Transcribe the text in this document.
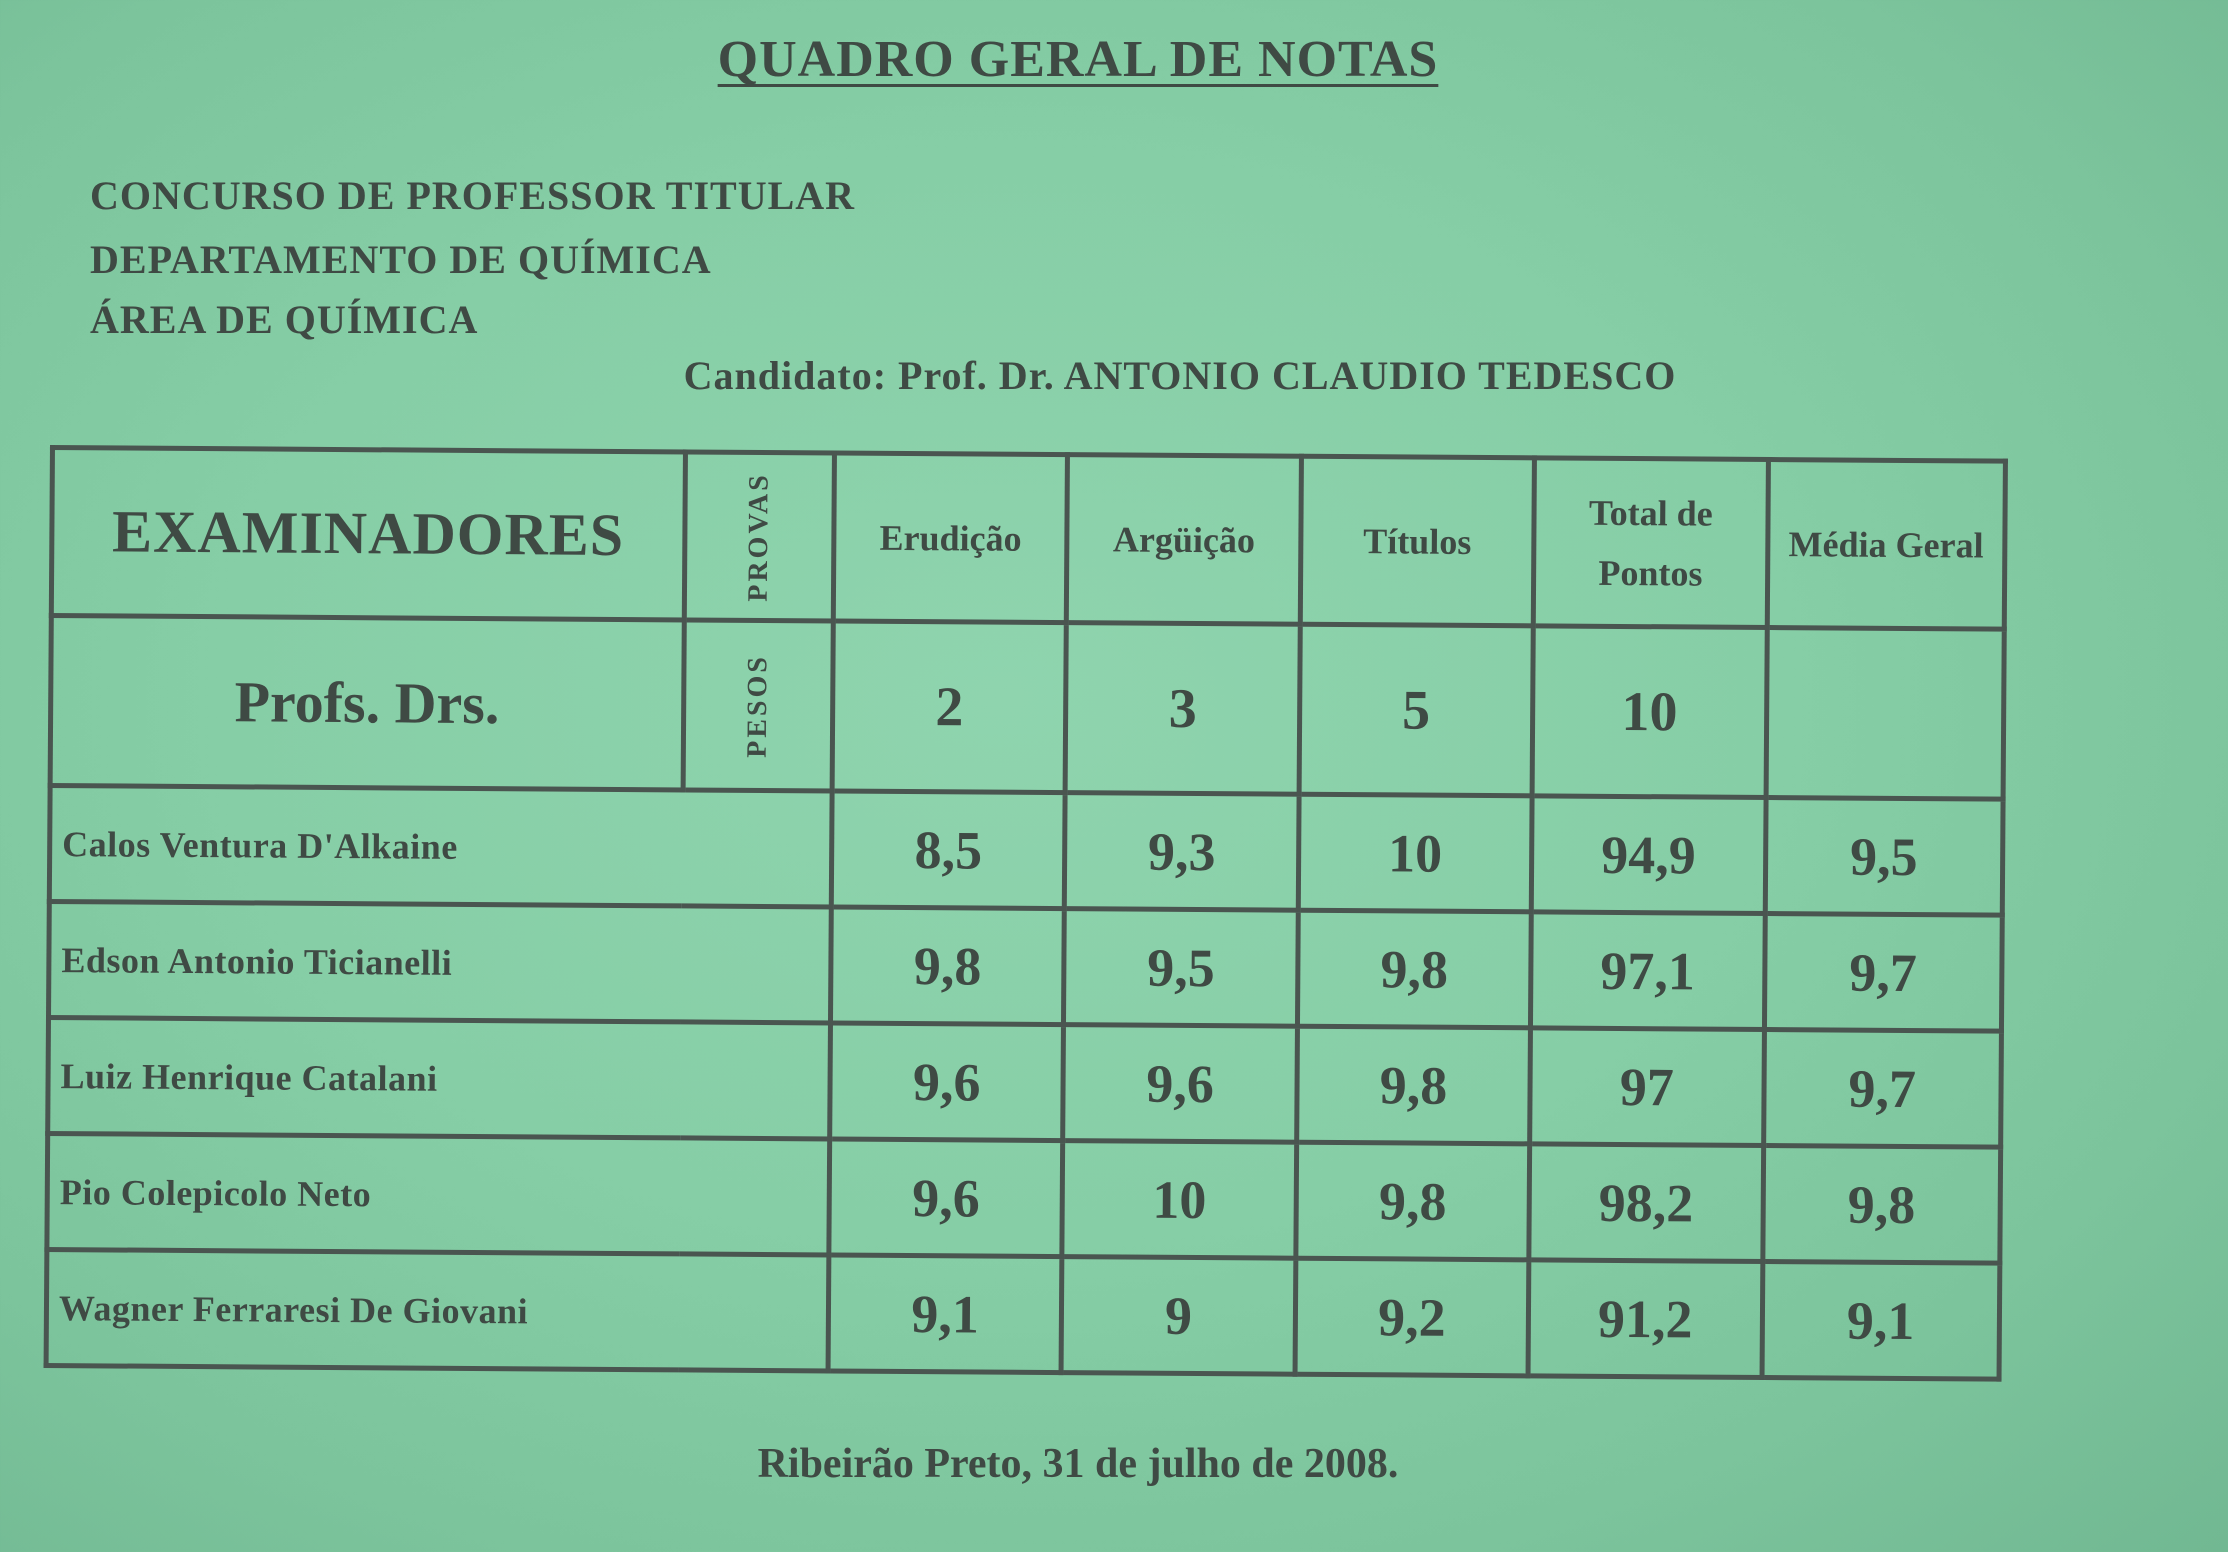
QUADRO GERAL DE NOTAS
CONCURSO DE PROFESSOR TITULAR
DEPARTAMENTO DE QUÍMICA
ÁREA DE QUÍMICA
Candidato: Prof. Dr. ANTONIO CLAUDIO TEDESCO
EXAMINADORES	PROVAS	Erudição	Argüição	Títulos	Total de Pontos	Média Geral
Profs. Drs.	PESOS	2	3	5	10	
Calos Ventura D'Alkaine		8,5	9,3	10	94,9	9,5
Edson Antonio Ticianelli		9,8	9,5	9,8	97,1	9,7
Luiz Henrique Catalani		9,6	9,6	9,8	97	9,7
Pio Colepicolo Neto		9,6	10	9,8	98,2	9,8
Wagner Ferraresi De Giovani		9,1	9	9,2	91,2	9,1
Ribeirão Preto, 31 de julho de 2008.
